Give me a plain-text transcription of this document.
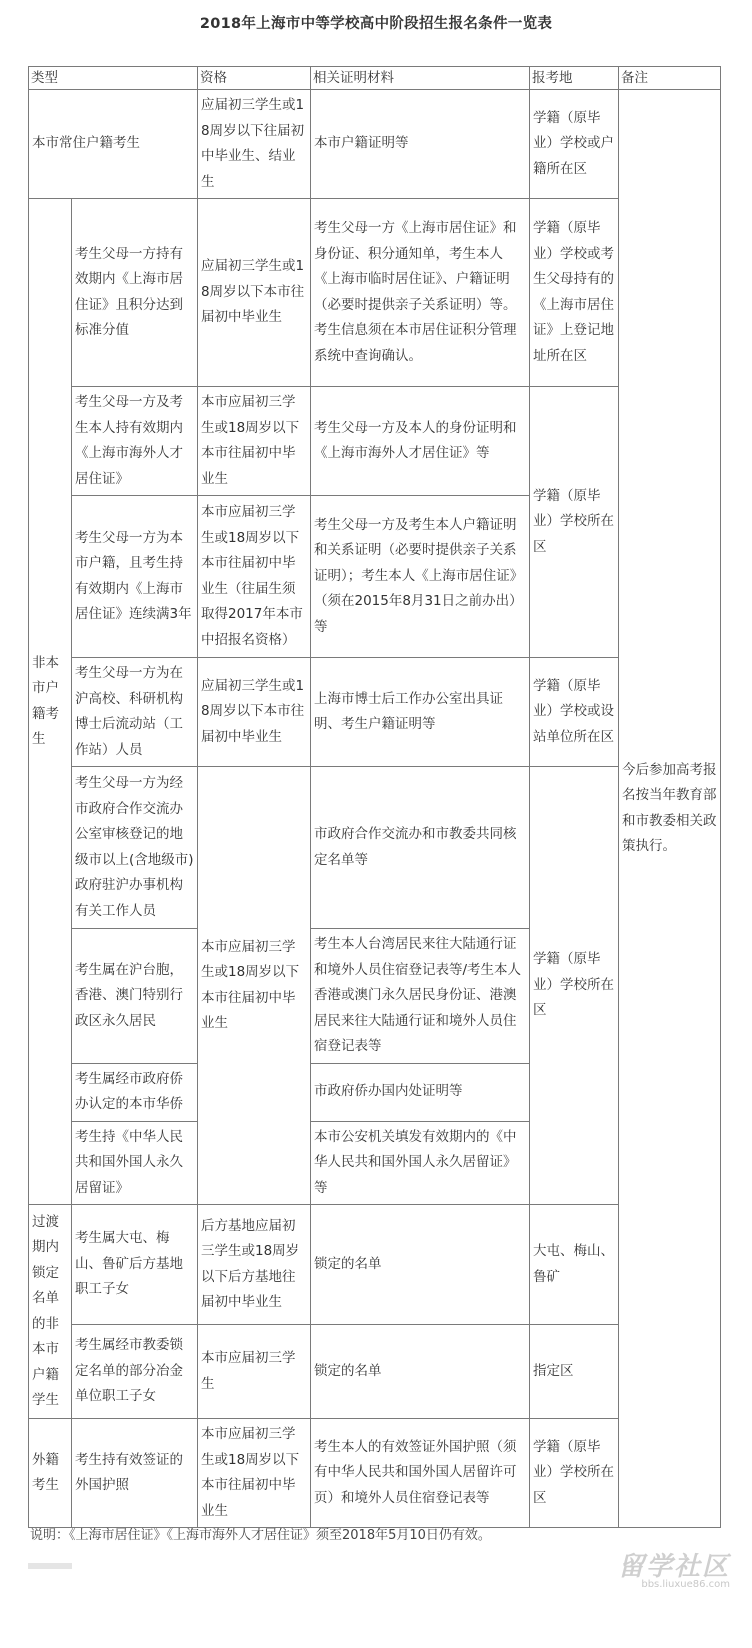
2018年上海市中等学校高中阶段招生报名条件一览表
类型		资格	相关证明材料	报考地	备注
本市常住户籍考生		应届初三学生或18周岁以下往届初中毕业生、结业生	本市户籍证明等	学籍（原毕业）学校或户籍所在区	今后参加高考报名按当年教育部和市教委相关政策执行。
非本市户籍考生	考生父母一方持有效期内《上海市居住证》且积分达到标准分值	应届初三学生或18周岁以下本市往届初中毕业生	考生父母一方《上海市居住证》和身份证、积分通知单，考生本人《上海市临时居住证》、户籍证明（必要时提供亲子关系证明）等。考生信息须在本市居住证积分管理系统中查询确认。	学籍（原毕业）学校或考生父母持有的《上海市居住证》上登记地址所在区	
	考生父母一方及考生本人持有效期内《上海市海外人才居住证》	本市应届初三学生或18周岁以下本市往届初中毕业生	考生父母一方及本人的身份证明和《上海市海外人才居住证》等	学籍（原毕业）学校所在区	
	考生父母一方为本市户籍，且考生持有效期内《上海市居住证》连续满3年	本市应届初三学生或18周岁以下本市往届初中毕业生（往届生须取得2017年本市中招报名资格）	考生父母一方及考生本人户籍证明和关系证明（必要时提供亲子关系证明）；考生本人《上海市居住证》（须在2015年8月31日之前办出）等		
	考生父母一方为在沪高校、科研机构博士后流动站（工作站）人员	应届初三学生或18周岁以下本市往届初中毕业生	上海市博士后工作办公室出具证明、考生户籍证明等	学籍（原毕业）学校或设站单位所在区	
	考生父母一方为经市政府合作交流办公室审核登记的地级市以上(含地级市)政府驻沪办事机构有关工作人员	本市应届初三学生或18周岁以下本市往届初中毕业生	市政府合作交流办和市教委共同核定名单等	学籍（原毕业）学校所在区	
	考生属在沪台胞，香港、澳门特别行政区永久居民		考生本人台湾居民来往大陆通行证和境外人员住宿登记表等/考生本人香港或澳门永久居民身份证、港澳居民来往大陆通行证和境外人员住宿登记表等		
	考生属经市政府侨办认定的本市华侨		市政府侨办国内处证明等		
	考生持《中华人民共和国外国人永久居留证》		本市公安机关填发有效期内的《中华人民共和国外国人永久居留证》等		
过渡期内锁定名单的非本市户籍学生	考生属大屯、梅山、鲁矿后方基地职工子女	后方基地应届初三学生或18周岁以下后方基地往届初中毕业生	锁定的名单	大屯、梅山、鲁矿	
	考生属经市教委锁定名单的部分冶金单位职工子女	本市应届初三学生	锁定的名单	指定区	
外籍考生	考生持有效签证的外国护照	本市应届初三学生或18周岁以下本市往届初中毕业生	考生本人的有效签证外国护照（须有中华人民共和国外国人居留许可页）和境外人员住宿登记表等	学籍（原毕业）学校所在区	
说明：《上海市居住证》《上海市海外人才居住证》须至2018年5月10日仍有效。
留学社区
bbs.liuxue86.com
